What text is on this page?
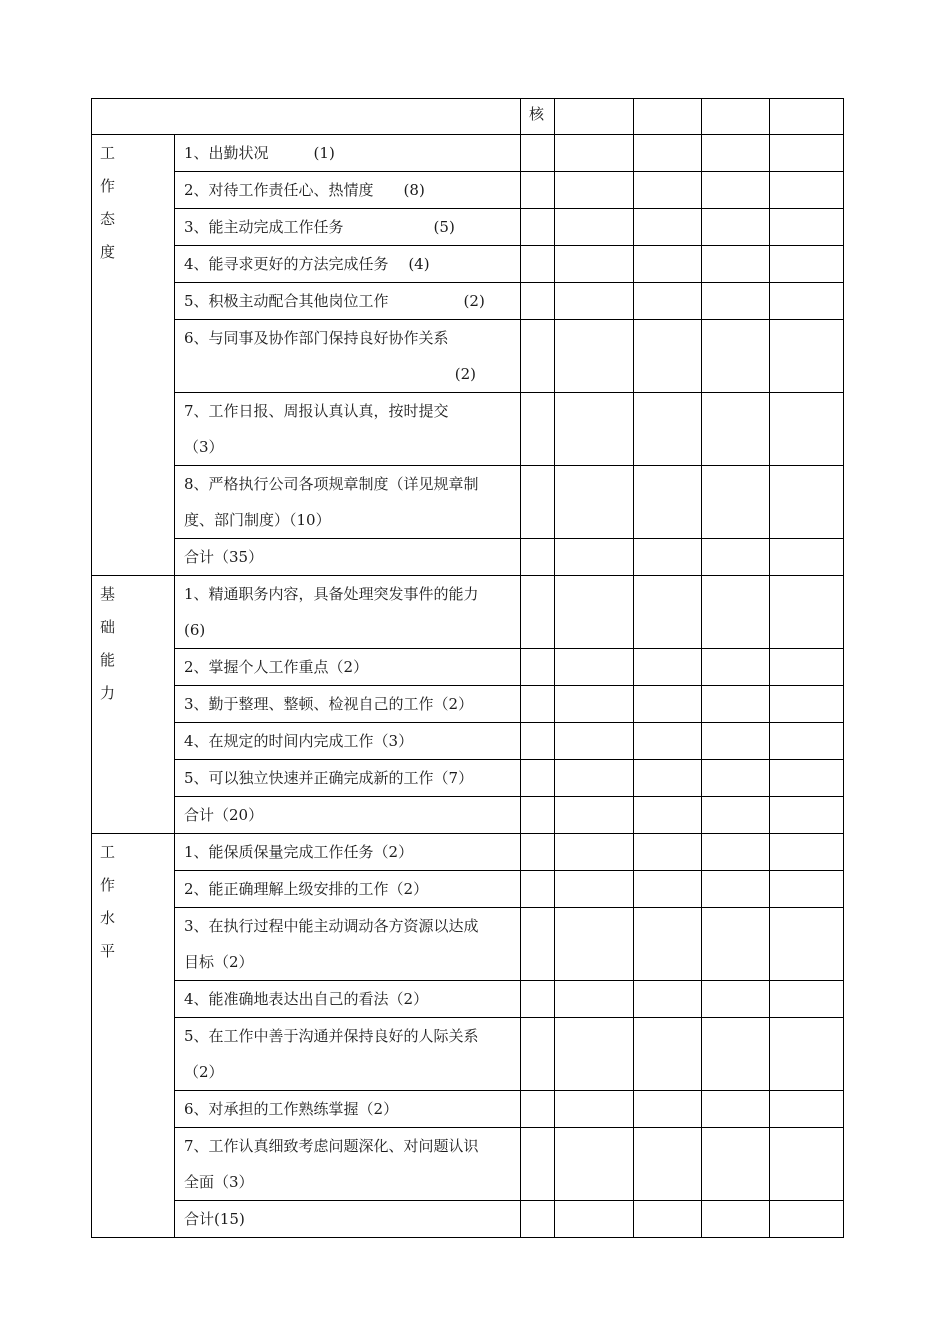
		核				

工
作
态
度	1、出勤状况　　　(1)					

	2、对待工作责任心、热情度　　(8)					

	3、能主动完成工作任务　　　　　　(5)					

	4、能寻求更好的方法完成任务　 (4)					

	5、积极主动配合其他岗位工作　　　　　(2)					

	6、与同事及协作部门保持良好协作关系
(2)					

	7、工作日报、周报认真认真，按时提交
（3）					

	8、严格执行公司各项规章制度（详见规章制
度、部门制度）（10）					

	合计（35）					

基
础
能
力	1、精通职务内容，具备处理突发事件的能力
(6)					

	2、掌握个人工作重点（2）					

	3、勤于整理、整顿、检视自己的工作（2）					

	4、在规定的时间内完成工作（3）					

	5、可以独立快速并正确完成新的工作（7）					

	合计（20）					

工
作
水
平	1、能保质保量完成工作任务（2）					

	2、能正确理解上级安排的工作（2）					

	3、在执行过程中能主动调动各方资源以达成
目标（2）					

	4、能准确地表达出自己的看法（2）					

	5、在工作中善于沟通并保持良好的人际关系
（2）					

	6、对承担的工作熟练掌握（2）					

	7、工作认真细致考虑问题深化、对问题认识
全面（3）					

	合计(15)					
